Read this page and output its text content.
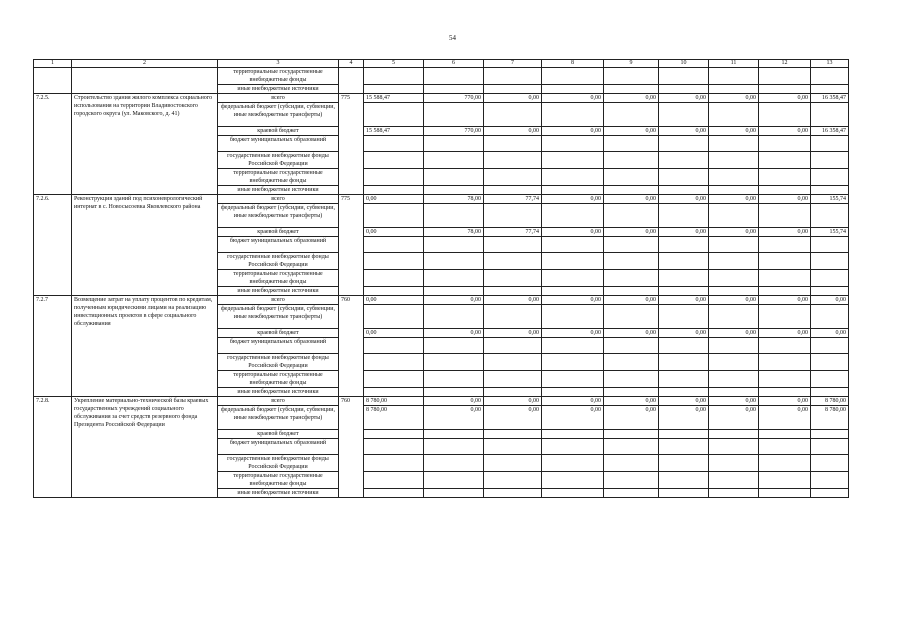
54
1	2	3	4	5	6	7	8	9	10	11	12	13
		территориальные государственные внебюджетные фонды										
		иные внебюджетные источники										
7.2.5.	Строительство здания жилого комплекса социального использования на территории Владивостокского городского округа (ул. Маковского, д. 41)	всего	775	15 588,47	770,00	0,00	0,00	0,00	0,00	0,00	0,00	16 358,47
		федеральный бюджет (субсидии, субвенции, иные межбюджетные трансферты)										
		краевой бюджет		15 588,47	770,00	0,00	0,00	0,00	0,00	0,00	0,00	16 358,47
		бюджет муниципальных образований										
		государственные внебюджетные фонды Российской Федерации										
		территориальные государственные внебюджетные фонды										
		иные внебюджетные источники										
7.2.6.	Реконструкция зданий под психоневрологический интернат в с. Новосысоевка Яковлевского района	всего	775	0,00	78,00	77,74	0,00	0,00	0,00	0,00	0,00	155,74
		федеральный бюджет (субсидии, субвенции, иные межбюджетные трансферты)										
		краевой бюджет		0,00	78,00	77,74	0,00	0,00	0,00	0,00	0,00	155,74
		бюджет муниципальных образований										
		государственные внебюджетные фонды Российской Федерации										
		территориальные государственные внебюджетные фонды										
		иные внебюджетные источники										
7.2.7	Возмещение затрат на уплату процентов по кредитам, полученным юридическими лицами на реализацию инвестиционных проектов в сфере социального обслуживания	всего	760	0,00	0,00	0,00	0,00	0,00	0,00	0,00	0,00	0,00
		федеральный бюджет (субсидии, субвенции, иные межбюджетные трансферты)										
		краевой бюджет		0,00	0,00	0,00	0,00	0,00	0,00	0,00	0,00	0,00
		бюджет муниципальных образований										
		государственные внебюджетные фонды Российской Федерации										
		территориальные государственные внебюджетные фонды										
		иные внебюджетные источники										
7.2.8.	Укрепление материально-технической базы краевых государственных учреждений социального обслуживания за счет средств резервного фонда Президента Российской Федерации	всего	760	8 780,00	0,00	0,00	0,00	0,00	0,00	0,00	0,00	8 780,00
		федеральный бюджет (субсидии, субвенции, иные межбюджетные трансферты)		8 780,00	0,00	0,00	0,00	0,00	0,00	0,00	0,00	8 780,00
		краевой бюджет										
		бюджет муниципальных образований										
		государственные внебюджетные фонды Российской Федерации										
		территориальные государственные внебюджетные фонды										
		иные внебюджетные источники										
